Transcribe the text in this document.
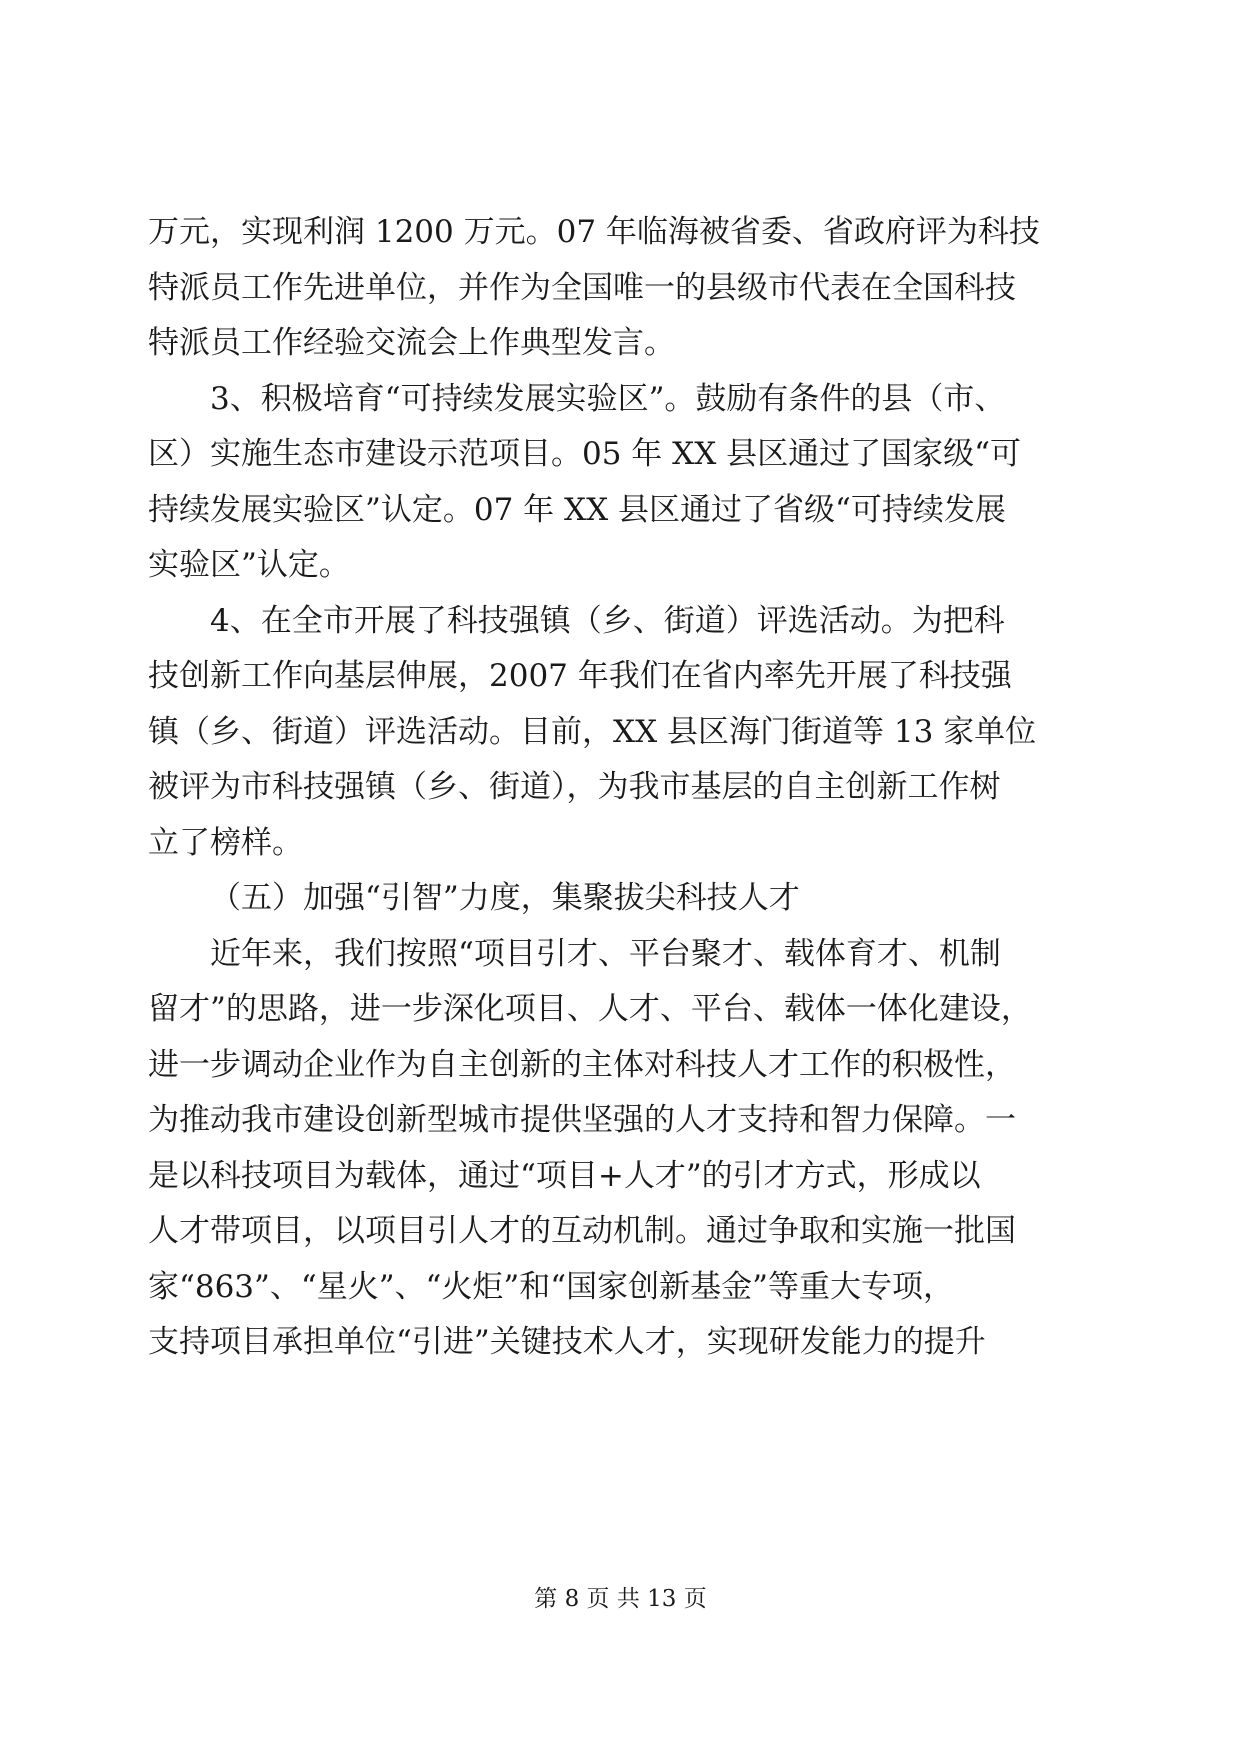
万元，实现利润 1200 万元。07 年临海被省委、省政府评为科技
特派员工作先进单位，并作为全国唯一的县级市代表在全国科技
特派员工作经验交流会上作典型发言。
3、积极培育“可持续发展实验区”。鼓励有条件的县（市、
区）实施生态市建设示范项目。05 年 XX 县区通过了国家级“可
持续发展实验区”认定。07 年 XX 县区通过了省级“可持续发展
实验区”认定。
4、在全市开展了科技强镇（乡、街道）评选活动。为把科
技创新工作向基层伸展，2007 年我们在省内率先开展了科技强
镇（乡、街道）评选活动。目前，XX 县区海门街道等 13 家单位
被评为市科技强镇（乡、街道），为我市基层的自主创新工作树
立了榜样。
（五）加强“引智”力度，集聚拔尖科技人才
近年来，我们按照“项目引才、平台聚才、载体育才、机制
留才”的思路，进一步深化项目、人才、平台、载体一体化建设，
进一步调动企业作为自主创新的主体对科技人才工作的积极性，
为推动我市建设创新型城市提供坚强的人才支持和智力保障。一
是以科技项目为载体，通过“项目+人才”的引才方式，形成以
人才带项目，以项目引人才的互动机制。通过争取和实施一批国
家“863”、“星火”、“火炬”和“国家创新基金”等重大专项，
支持项目承担单位“引进”关键技术人才，实现研发能力的提升
第 8 页 共 13 页
